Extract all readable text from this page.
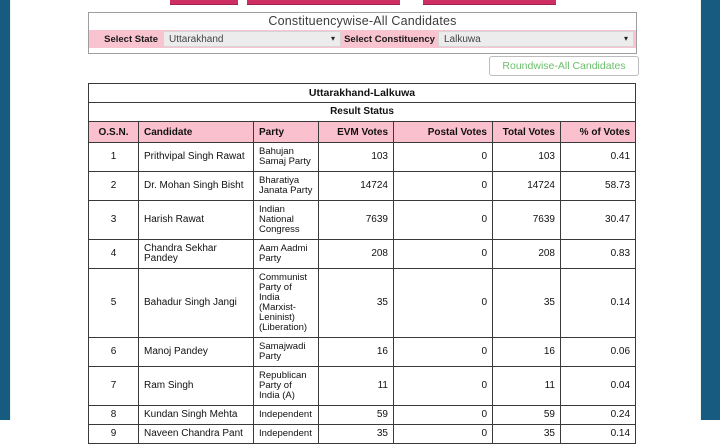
Constituencywise-All Candidates
Select State	Uttarakhand	▾ Select Constituency Lalkuwa	▾
Roundwise-All Candidates
Uttarakhand-Lalkuwa						
Result Status						
O.S.N.	Candidate	Party	EVM Votes	Postal Votes	Total Votes	% of Votes
1	Prithvipal Singh Rawat	Bahujan Samaj Party	103	0	103	0.41
2	Dr. Mohan Singh Bisht	Bharatiya Janata Party	14724	0	14724	58.73
3	Harish Rawat	Indian National Congress	7639	0	7639	30.47
4	Chandra Sekhar Pandey	Aam Aadmi Party	208	0	208	0.83
5	Bahadur Singh Jangi	Communist Party of India (Marxist-Leninist) (Liberation)	35	0	35	0.14
6	Manoj Pandey	Samajwadi Party	16	0	16	0.06
7	Ram Singh	Republican Party of India (A)	11	0	11	0.04
8	Kundan Singh Mehta	Independent	59	0	59	0.24
9	Naveen Chandra Pant	Independent	35	0	35	0.14
